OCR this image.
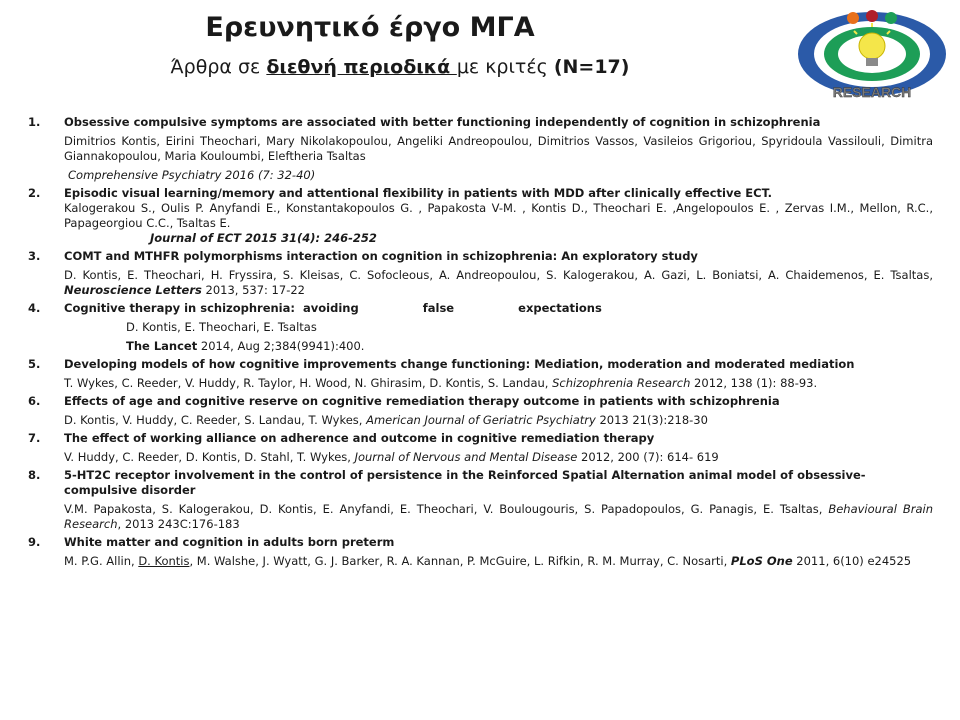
Ερευνητικό έργο ΜΓΑ
Άρθρα σε διεθνή περιοδικά με κριτές (N=17)
RESEARCH
1. Obsessive compulsive symptoms are associated with better functioning independently of cognition in schizophrenia
Dimitrios Kontis, Eirini Theochari, Mary Nikolakopoulou, Angeliki Andreopoulou, Dimitrios Vassos, Vasileios Grigoriou, Spyridoula Vassilouli, Dimitra Giannakopoulou, Maria Kouloumbi, Eleftheria Tsaltas
Comprehensive Psychiatry 2016 (7: 32-40)
2. Episodic visual learning/memory and attentional flexibility in patients with MDD after clinically effective ECT.
Kalogerakou S., Oulis P. Anyfandi E., Konstantakopoulos G. , Papakosta V-M. , Kontis D., Theochari E. ,Angelopoulos E. , Zervas I.M., Mellon, R.C., Papageorgiou C.C., Tsaltas E.
Journal of ECT 2015 31(4): 246-252
3. COMT and MTHFR polymorphisms interaction on cognition in schizophrenia: An exploratory study
D. Kontis, E. Theochari, H. Fryssira, S. Kleisas, C. Sofocleous, A. Andreopoulou, S. Kalogerakou, A. Gazi, L. Boniatsi, A. Chaidemenos, E. Tsaltas, Neuroscience Letters 2013, 537: 17-22
4. Cognitive therapy in schizophrenia:  avoiding                false                expectations
D. Kontis, E. Theochari, E. Tsaltas
The Lancet 2014, Aug 2;384(9941):400.
5. Developing models of how cognitive improvements change functioning: Mediation, moderation and moderated mediation
T. Wykes, C. Reeder, V. Huddy, R. Taylor, H. Wood, N. Ghirasim, D. Kontis, S. Landau, Schizophrenia Research 2012, 138 (1): 88-93.
6. Effects of age and cognitive reserve on cognitive remediation therapy outcome in patients with schizophrenia
D. Kontis, V. Huddy, C. Reeder, S. Landau, T. Wykes, American Journal of Geriatric Psychiatry 2013 21(3):218-30
7. The effect of working alliance on adherence and outcome in cognitive remediation therapy
V. Huddy, C. Reeder, D. Kontis, D. Stahl, T. Wykes, Journal of Nervous and Mental Disease 2012, 200 (7): 614- 619
8. 5-HT2C receptor involvement in the control of persistence in the Reinforced Spatial Alternation animal model of obsessive-compulsive disorder
V.M. Papakosta, S. Kalogerakou, D. Kontis, E. Anyfandi, E. Theochari, V. Boulougouris, S. Papadopoulos, G. Panagis, E. Tsaltas, Behavioural Brain Research, 2013 243C:176-183
9. White matter and cognition in adults born preterm
M. P.G. Allin, D. Kontis, M. Walshe, J. Wyatt, G. J. Barker, R. A. Kannan, P. McGuire, L. Rifkin, R. M. Murray, C. Nosarti, PLoS One 2011, 6(10) e24525
